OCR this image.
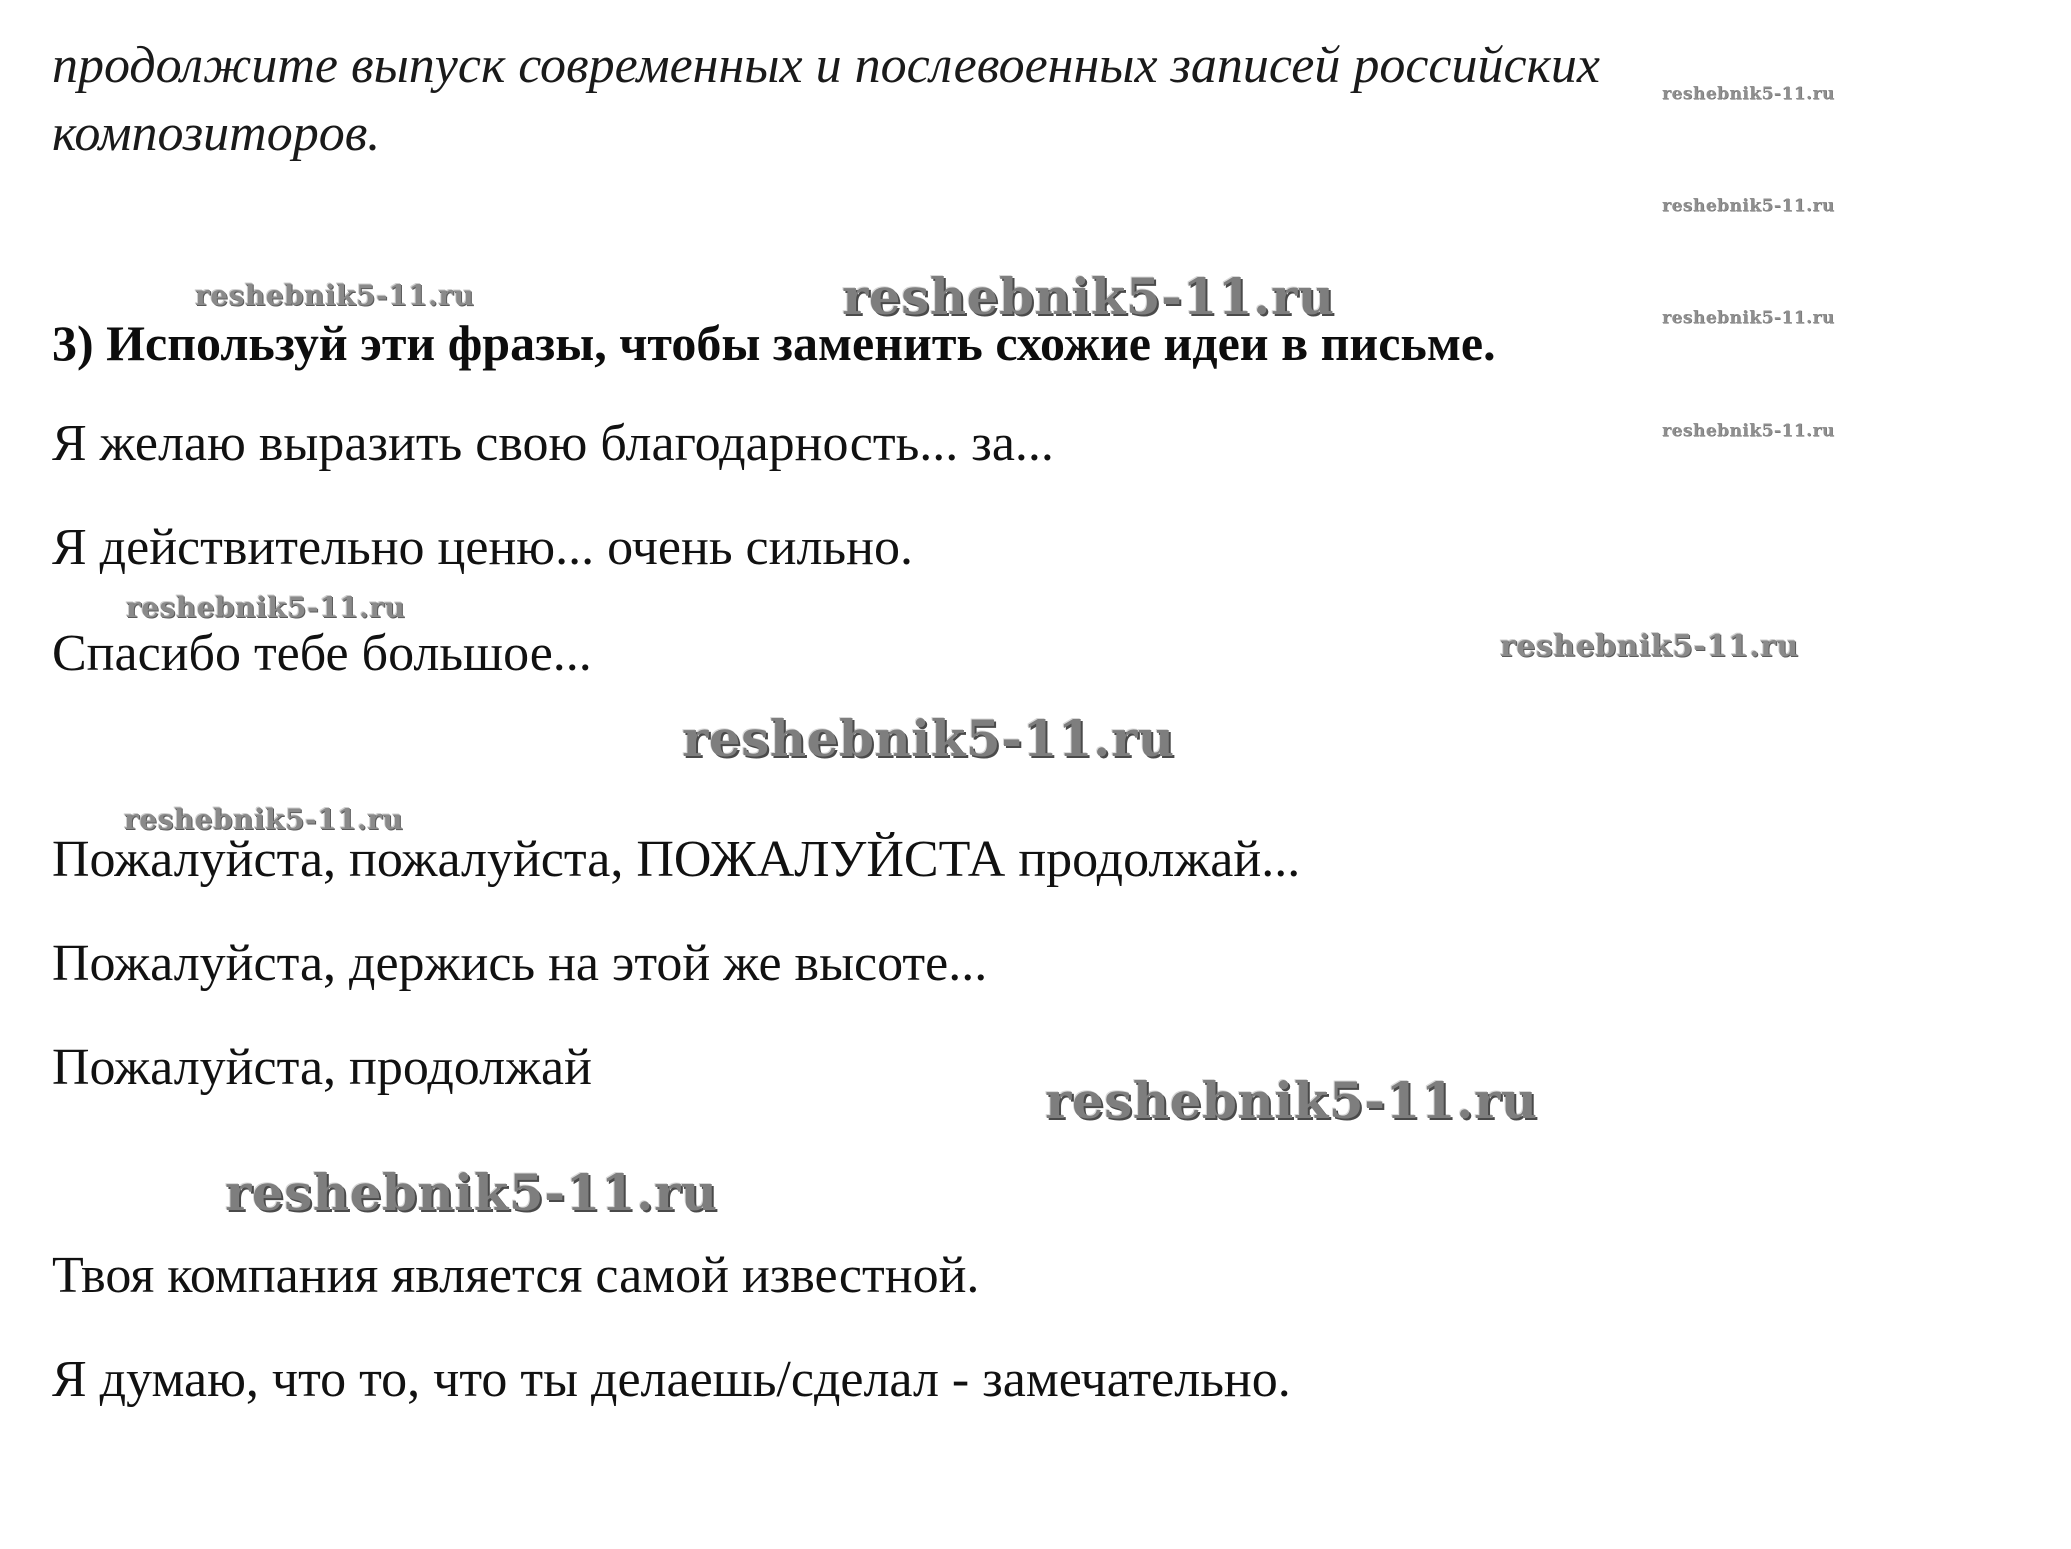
продолжите выпуск современных и послевоенных записей российских

композиторов.

reshebnik5-11.ru
reshebnik5-11.ru
reshebnik5-11.ru	reshebnik5-11.ru	reshebnik5-11.ru

3) Используй эти фразы, чтобы заменить схожие идеи в письме.

reshebnik5-11.ru

Я желаю выразить свою благодарность... за...

Я действительно ценю... очень сильно.

reshebnik5-11.ru

Спасибо тебе большое...	reshebnik5-11.ru
reshebnik5-11.ru
reshebnik5-11.ru

Пожалуйста, пожалуйста, ПОЖАЛУЙСТА продолжай...

Пожалуйста, держись на этой же высоте...

Пожалуйста, продолжай

reshebnik5-11.ru
reshebnik5-11.ru

Твоя компания является самой известной.

Я думаю, что то, что ты делаешь/сделал - замечательно.
